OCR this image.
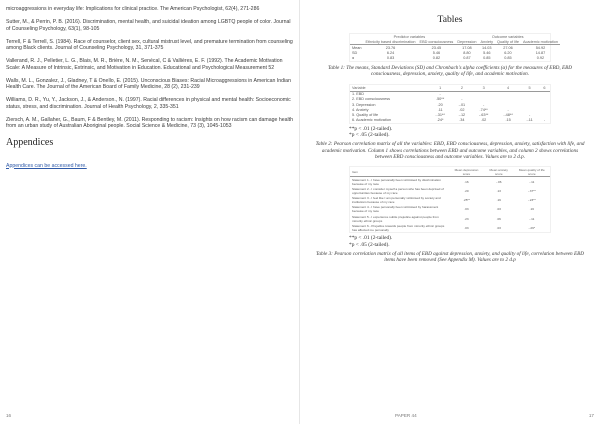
microaggressions in everyday life: Implications for clinical practice. The American Psychologist, 62(4), 271-286

Sutter, M., & Perrin, P. B. (2016). Discrimination, mental health, and suicidal ideation among LGBTQ people of color. Journal of Counseling Psychology, 63(1), 98-105

Terrell, F & Terrell, S. (1984). Race of counselor, client sex, cultural mistrust level, and premature termination from counseling among Black clients. Journal of Counseling Psychology, 31, 371-375

Vallerand, R. J., Pelletier, L. G., Blais, M. R., Brière, N. M., Senécal, C & Vallières, E. F. (1992). The Academic Motivation Scale: A Measure of Intrinsic, Extrinsic, and Motivation in Education. Educational and Psychological Measurement 52

Walls, M. L., Gonzalez, J., Gladney, T & Onello, E. (2015). Unconscious Biases: Racial Microaggressions in American Indian Health Care. The Journal of the American Board of Family Medicine, 28 (2), 231-239

Williams, D. R., Yu, Y., Jackson, J., & Anderson., N. (1997). Racial differences in physical and mental health: Socioeconomic status, stress, and discrimination. Journal of Health Psychology, 2, 335-351

Ziersch, A. M., Gallaher, G., Baum, F & Bentley, M. (2011). Responding to racism: Insights on how racism can damage health from an urban study of Australian Aboriginal people. Social Science & Medicine, 73 (3), 1045-1053

Appendices
Appendices can be accessed here.
Tables
	Predictor variables		Outcome variables			
	Ethnicity based discrimination	EBD consciousness	Depression	Anxiety	Quality of life	Academic motivation
Mean	23.76	23.45	17.08	14.03	27.06	54.92
SD	6.24	5.46	8.80	5.46	6.20	14.87
α	0.83	0.82	0.87	0.85	0.85	0.92
Table 1: The means, Standard Deviations (SD) and Chronbach's alpha coefficients (α) for the measures of EBD, EBD consciousness, depression, anxiety, quality of life, and academic motivation.
Variable	1	2	3	4	5	6
1. EBD	-					
2. EBD consciousness	.50**	-				
3. Depression	.20	-.01	-			
4. Anxiety	.11	.02	.74**	-		
5. Quality of life	-.31**	-.12	-.63**	-.48**	-	
6. Academic motivation	.24*	.34	.02	.15	-.11	-
**p < .01 (2-tailed).
*p < .05 (2-tailed).
Table 2: Pearson correlation matrix of all the variables: EBD, EBD consciousness, depression, anxiety, satisfaction with life, and academic motivation. Column 1 shows correlations between EBD and outcome variables, and column 2 shows correlations between EBD consciousness and outcome variables. Values are to 2 d.p.
Item	Mean depression score	Mean anxiety score	Mean quality of life score
Statement 1 - I have personally been victimised by discrimination because of my race	.16	-.06	-.11
Statement 2 - I consider myself a person who has been deprived of opportunities because of my race	.20	.13	-.37**
Statement 3 - I feel like I am personally victimised by society and institutions because of my race	.25**	.19	-.23**
Statement 4 - I have personally been victimised by harassment because of my race	.03	.03	.16
Statement 5 - I experience subtle prejudice against people from minority ethnic groups	.23	.06	-.11
Statement 6 - Prejudice towards people from minority ethnic groups has affected me personally	.03	.03	-.29*
**p < .01 (2-tailed).
*p < .05 (2-tailed).
Table 3: Pearson correlation matrix of all items of EBD against depression, anxiety, and quality of life, correlation between EBD items have been removed (See Appendix M). Values are to 2 d.p
16	PAPER 44	17
